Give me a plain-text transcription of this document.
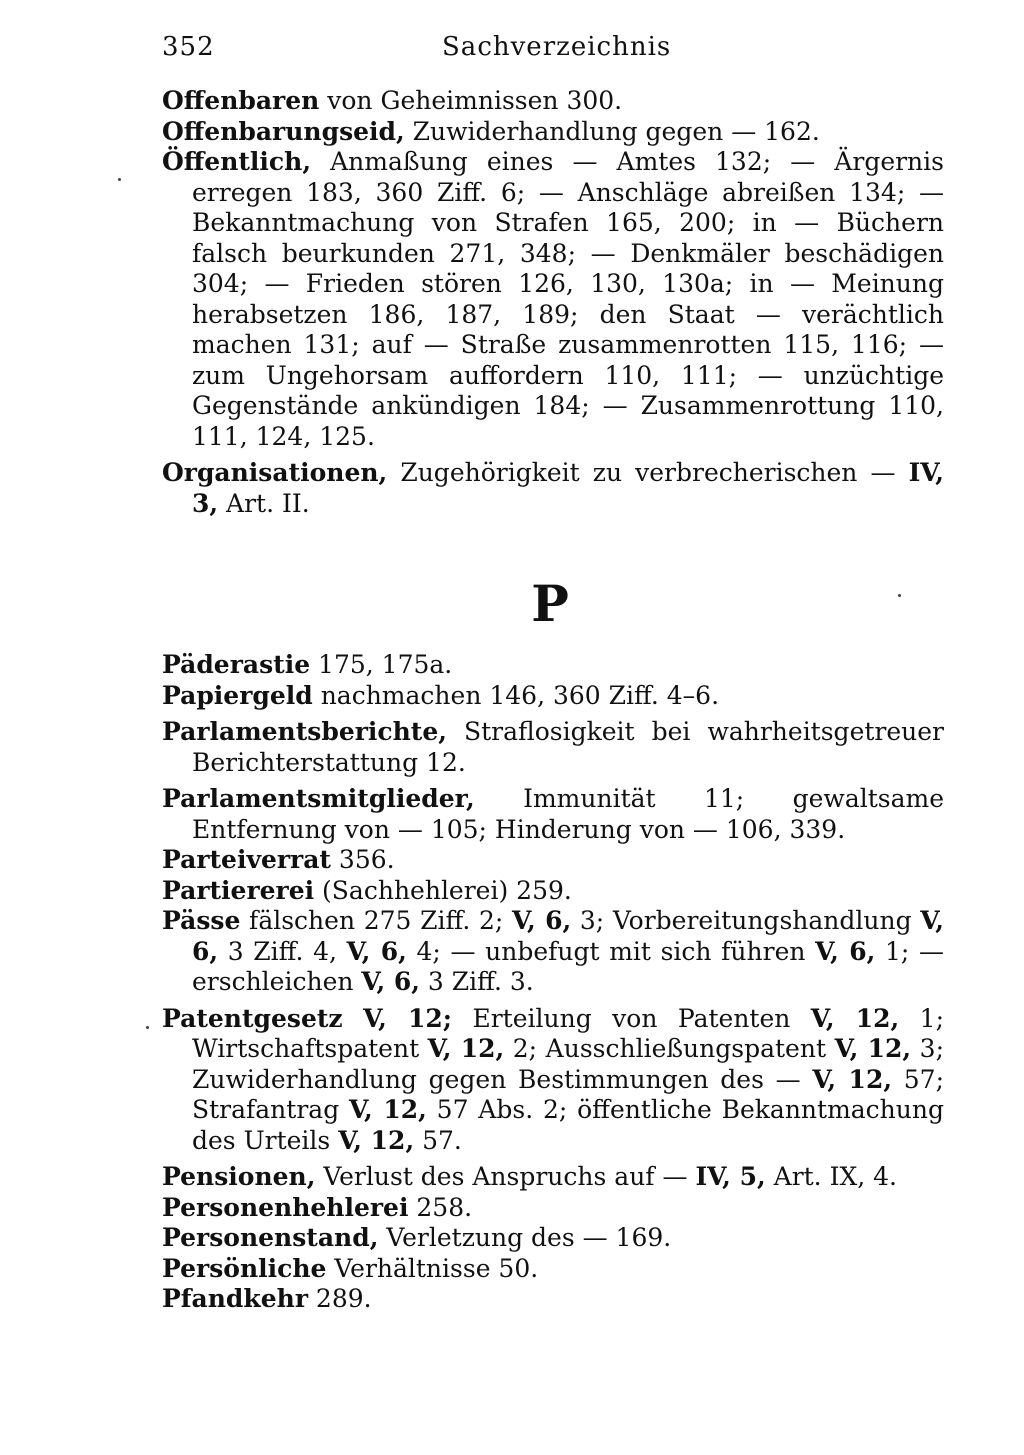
352	Sachverzeichnis

Offenbaren von Geheimnissen 300.

Offenbarungseid, Zuwiderhandlung gegen — 162.

Öffentlich, Anmaßung eines — Amtes 132; — Ärgernis erregen 183, 360 Ziff. 6; — Anschläge abreißen 134; — Bekanntmachung von Strafen 165, 200; in — Büchern falsch beurkunden 271, 348; — Denkmäler beschädigen 304; — Frieden stören 126, 130, 130a; in — Meinung herabsetzen 186, 187, 189; den Staat — verächtlich machen 131; auf — Straße zusammenrotten 115, 116; — zum Ungehorsam auffordern 110, 111; — unzüchtige Gegenstände ankündigen 184; — Zusammenrottung 110, 111, 124, 125.

Organisationen, Zugehörigkeit zu verbrecherischen — IV, 3, Art. II.

P

Päderastie 175, 175a.

Papiergeld nachmachen 146, 360 Ziff. 4–6.

Parlamentsberichte, Straflosigkeit bei wahrheitsgetreuer Berichterstattung 12.

Parlamentsmitglieder, Immunität 11; gewaltsame Entfernung von — 105; Hinderung von — 106, 339.

Parteiverrat 356.

Partiererei (Sachhehlerei) 259.

Pässe fälschen 275 Ziff. 2; V, 6, 3; Vorbereitungshandlung V, 6, 3 Ziff. 4, V, 6, 4; — unbefugt mit sich führen V, 6, 1; — erschleichen V, 6, 3 Ziff. 3.

Patentgesetz V, 12; Erteilung von Patenten V, 12, 1; Wirtschaftspatent V, 12, 2; Ausschließungspatent V, 12, 3; Zuwiderhandlung gegen Bestimmungen des — V, 12, 57; Strafantrag V, 12, 57 Abs. 2; öffentliche Bekanntmachung des Urteils V, 12, 57.

Pensionen, Verlust des Anspruchs auf — IV, 5, Art. IX, 4.

Personenhehlerei 258.

Personenstand, Verletzung des — 169.

Persönliche Verhältnisse 50.

Pfandkehr 289.
